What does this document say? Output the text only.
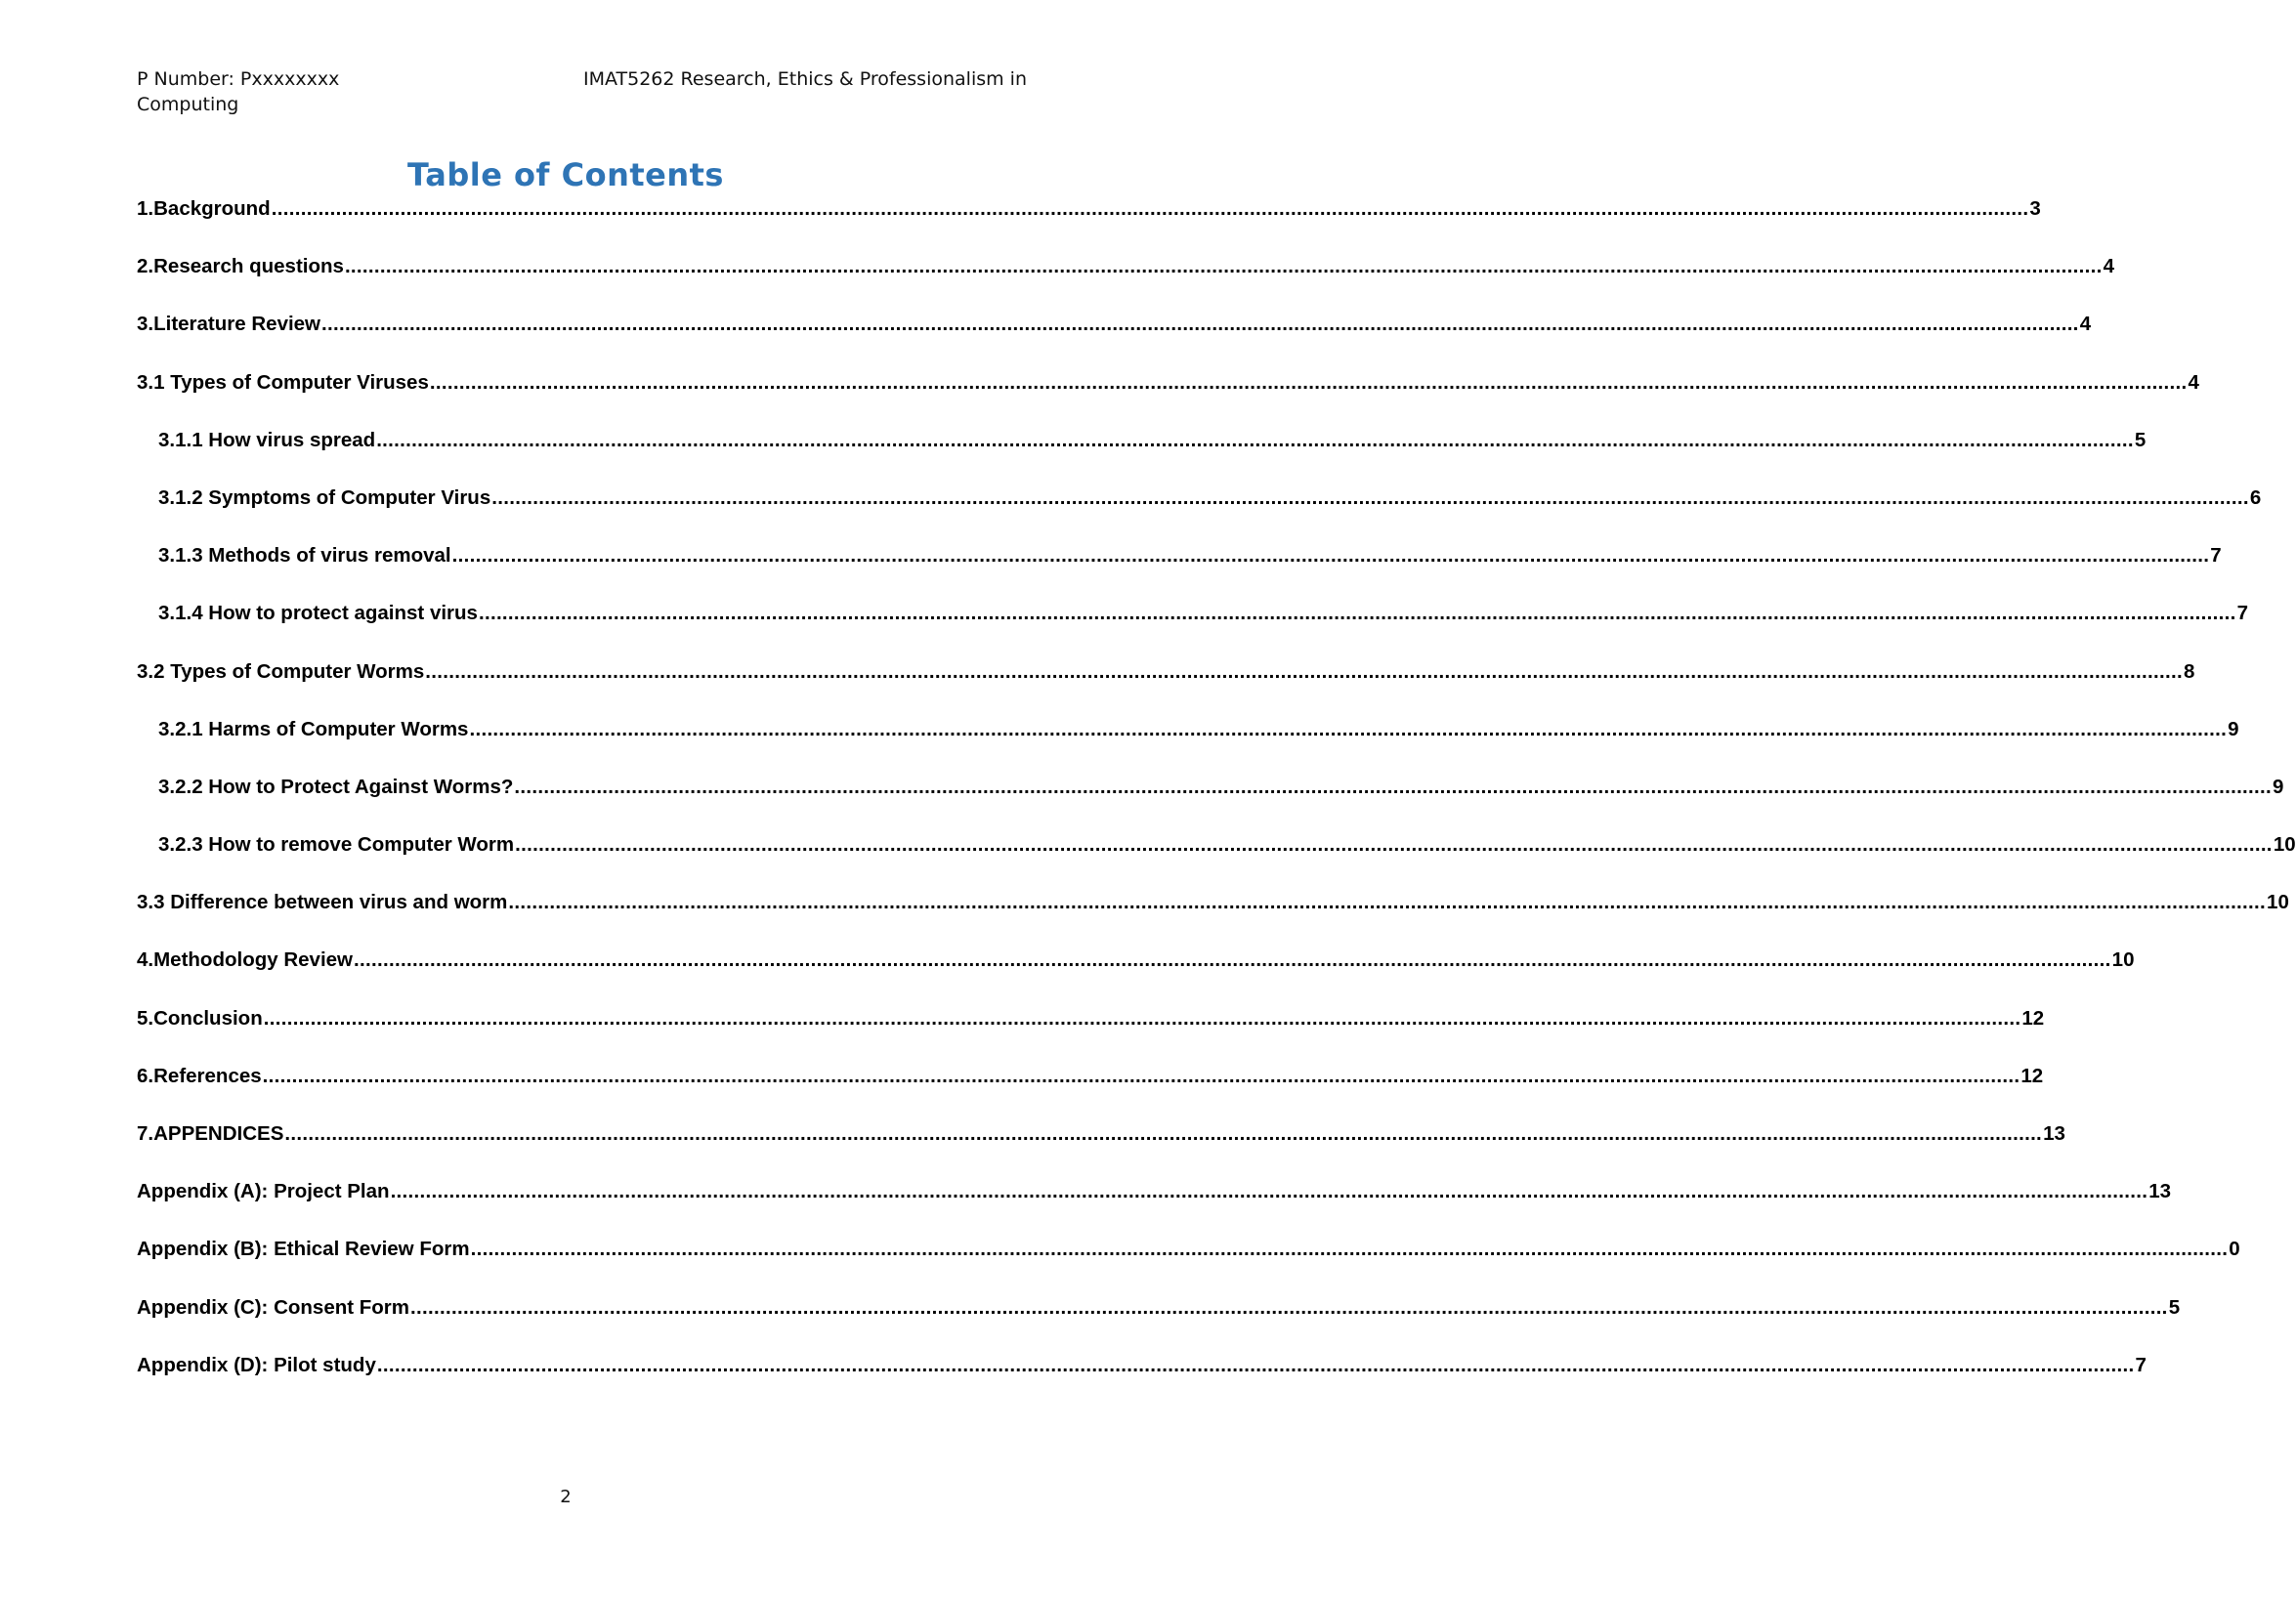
P Number: Pxxxxxxxx	IMAT5262 Research, Ethics & Professionalism in
Computing
Table of Contents
1. Background ............................................................................................................................................................................................................................................................................................................ 3
2. Research questions ............................................................................................................................................................................................................................................................................................................ 4
3. Literature Review ............................................................................................................................................................................................................................................................................................................ 4
3.1 Types of Computer Viruses ............................................................................................................................................................................................................................................................................................................ 4
3.1.1 How virus spread ............................................................................................................................................................................................................................................................................................................ 5
3.1.2 Symptoms of Computer Virus ............................................................................................................................................................................................................................................................................................................ 6
3.1.3 Methods of virus removal ............................................................................................................................................................................................................................................................................................................ 7
3.1.4 How to protect against virus ............................................................................................................................................................................................................................................................................................................ 7
3.2 Types of Computer Worms ............................................................................................................................................................................................................................................................................................................ 8
3.2.1 Harms of Computer Worms ............................................................................................................................................................................................................................................................................................................ 9
3.2.2 How to Protect Against Worms? ............................................................................................................................................................................................................................................................................................................ 9
3.2.3 How to remove Computer Worm ............................................................................................................................................................................................................................................................................................................ 10
3.3 Difference between virus and worm ............................................................................................................................................................................................................................................................................................................ 10
4. Methodology Review ............................................................................................................................................................................................................................................................................................................ 10
5. Conclusion ............................................................................................................................................................................................................................................................................................................ 12
6. References ............................................................................................................................................................................................................................................................................................................ 12
7. APPENDICES ............................................................................................................................................................................................................................................................................................................ 13
Appendix (A): Project Plan ............................................................................................................................................................................................................................................................................................................ 13
Appendix (B): Ethical Review Form ............................................................................................................................................................................................................................................................................................................ 0
Appendix (C): Consent Form ............................................................................................................................................................................................................................................................................................................ 5
Appendix (D): Pilot study ............................................................................................................................................................................................................................................................................................................ 7
2
